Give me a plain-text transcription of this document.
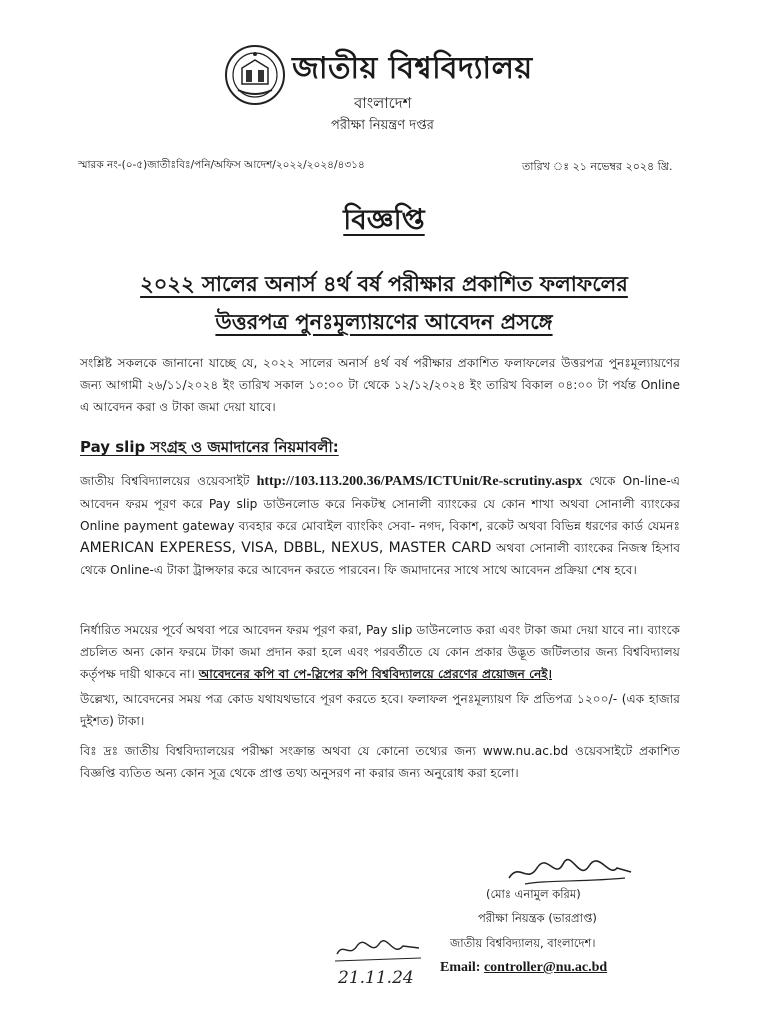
জাতীয় বিশ্ববিদ্যালয়
বাংলাদেশ
পরীক্ষা নিয়ন্ত্রণ দপ্তর
স্মারক নং-(০-৫)জাতীঃবিঃ/পনি/অফিস আদেশ/২০২২/২০২৪/৪৩১৪	তারিখ ঃ ২১ নভেম্বর ২০২৪ খ্রি.
বিজ্ঞপ্তি
২০২২ সালের অনার্স ৪র্থ বর্ষ পরীক্ষার প্রকাশিত ফলাফলের
উত্তরপত্র পুনঃমূল্যায়ণের আবেদন প্রসঙ্গে
সংশ্লিষ্ট সকলকে জানানো যাচ্ছে যে, ২০২২ সালের অনার্স ৪র্থ বর্ষ পরীক্ষার প্রকাশিত ফলাফলের উত্তরপত্র পুনঃমূল্যায়ণের জন্য আগামী ২৬/১১/২০২৪ ইং তারিখ সকাল ১০:০০ টা থেকে ১২/১২/২০২৪ ইং তারিখ বিকাল ০৪:০০ টা পর্যন্ত Online এ আবেদন করা ও টাকা জমা দেয়া যাবে।
Pay slip সংগ্রহ ও জমাদানের নিয়মাবলী:
জাতীয় বিশ্ববিদ্যালয়ের ওয়েবসাইট http://103.113.200.36/PAMS/ICTUnit/Re-scrutiny.aspx থেকে On-line-এ আবেদন ফরম পূরণ করে Pay slip ডাউনলোড করে নিকটস্থ সোনালী ব্যাংকের যে কোন শাখা অথবা সোনালী ব্যাংকের Online payment gateway ব্যবহার করে মোবাইল ব্যাংকিং সেবা- নগদ, বিকাশ, রকেট অথবা বিভিন্ন ধরণের কার্ড যেমনঃ AMERICAN EXPERESS, VISA, DBBL, NEXUS, MASTER CARD অথবা সোনালী ব্যাংকের নিজস্ব হিসাব থেকে Online-এ টাকা ট্রান্সফার করে আবেদন করতে পারবেন। ফি জমাদানের সাথে সাথে আবেদন প্রক্রিয়া শেষ হবে।
নির্ধারিত সময়ের পূর্বে অথবা পরে আবেদন ফরম পূরণ করা, Pay slip ডাউনলোড করা এবং টাকা জমা দেয়া যাবে না। ব্যাংকে প্রচলিত অন্য কোন ফরমে টাকা জমা প্রদান করা হলে এবং পরবর্তীতে যে কোন প্রকার উদ্ভূত জটিলতার জন্য বিশ্ববিদ্যালয় কর্তৃপক্ষ দায়ী থাকবে না। আবেদনের কপি বা পে-স্লিপের কপি বিশ্ববিদ্যালয়ে প্রেরণের প্রয়োজন নেই।
উল্লেখ্য, আবেদনের সময় পত্র কোড যথাযথভাবে পূরণ করতে হবে। ফলাফল পুনঃমূল্যায়ণ ফি প্রতিপত্র ১২০০/- (এক হাজার দুইশত) টাকা।
বিঃ দ্রঃ জাতীয় বিশ্ববিদ্যালয়ের পরীক্ষা সংক্রান্ত অথবা যে কোনো তথ্যের জন্য www.nu.ac.bd ওয়েবসাইটে প্রকাশিত বিজ্ঞপ্তি ব্যতিত অন্য কোন সূত্র থেকে প্রাপ্ত তথ্য অনুসরণ না করার জন্য অনুরোধ করা হলো।
(মোঃ এনামুল করিম)
পরীক্ষা নিয়ন্ত্রক (ভারপ্রাপ্ত)
জাতীয় বিশ্ববিদ্যালয়, বাংলাদেশ।
Email: controller@nu.ac.bd
21.11.24
